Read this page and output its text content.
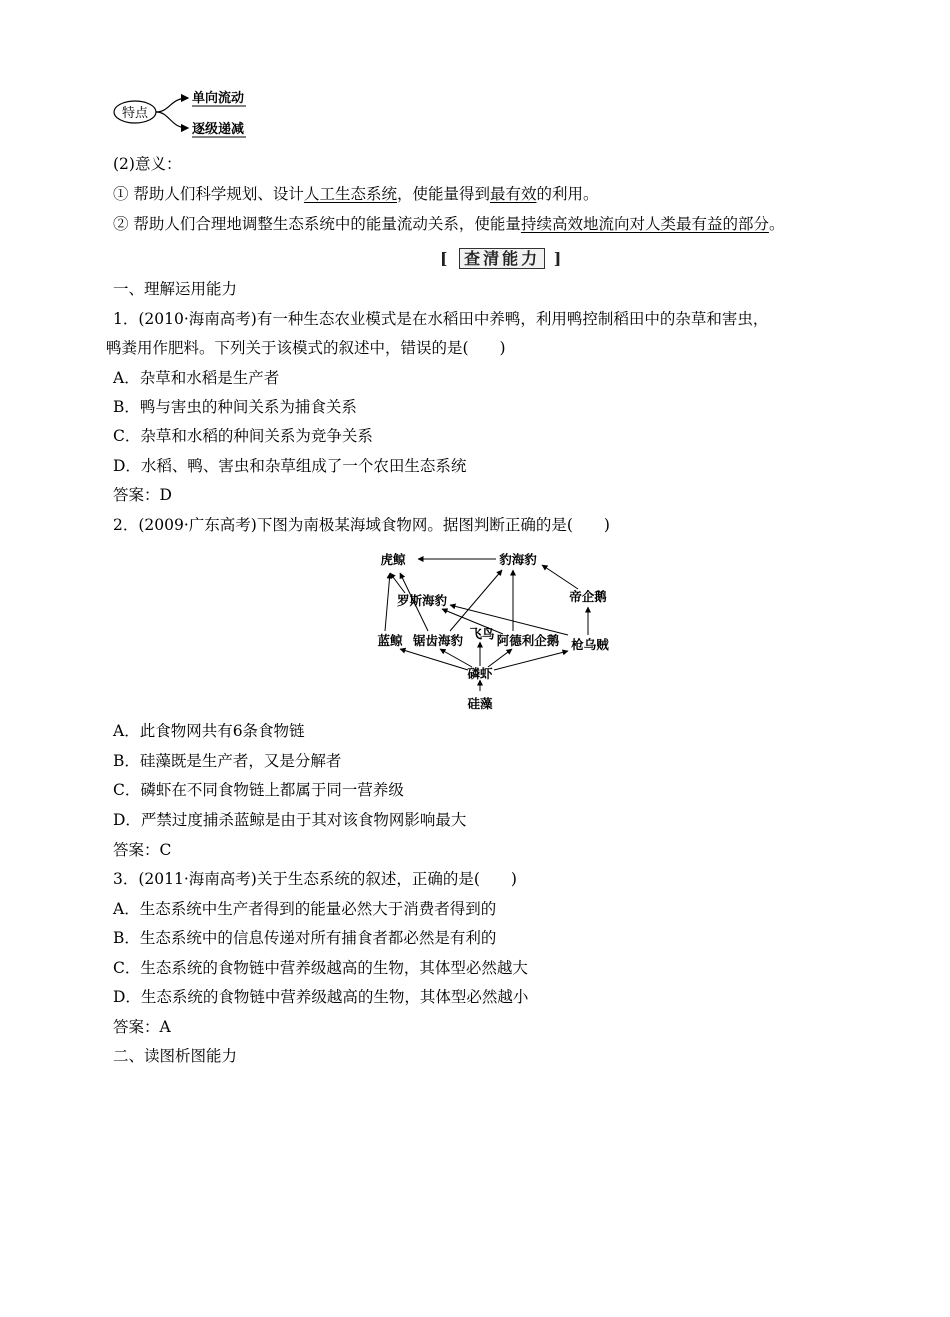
特点
单向流动
逐级递减
(2)意义：
① 帮助人们科学规划、设计人工生态系统，使能量得到最有效的利用。
② 帮助人们合理地调整生态系统中的能量流动关系，使能量持续高效地流向对人类最有益的部分。
[ 查清能力 ]
一、理解运用能力
1．(2010·海南高考)有一种生态农业模式是在水稻田中养鸭，利用鸭控制稻田中的杂草和害虫，
鸭粪用作肥料。下列关于该模式的叙述中，错误的是(　　)
A．杂草和水稻是生产者
B．鸭与害虫的种间关系为捕食关系
C．杂草和水稻的种间关系为竞争关系
D．水稻、鸭、害虫和杂草组成了一个农田生态系统
答案：D
2．(2009·广东高考)下图为南极某海域食物网。据图判断正确的是(　　)
虎鲸	豹海豹
帝企鹅
罗斯海豹
蓝鲸 锯齿海豹 飞鸟 阿德利企鹅 枪乌贼
磷虾
硅藻
A．此食物网共有6条食物链
B．硅藻既是生产者，又是分解者
C．磷虾在不同食物链上都属于同一营养级
D．严禁过度捕杀蓝鲸是由于其对该食物网影响最大
答案：C
3．(2011·海南高考)关于生态系统的叙述，正确的是(　　)
A．生态系统中生产者得到的能量必然大于消费者得到的
B．生态系统中的信息传递对所有捕食者都必然是有利的
C．生态系统的食物链中营养级越高的生物，其体型必然越大
D．生态系统的食物链中营养级越高的生物，其体型必然越小
答案：A
二、读图析图能力
